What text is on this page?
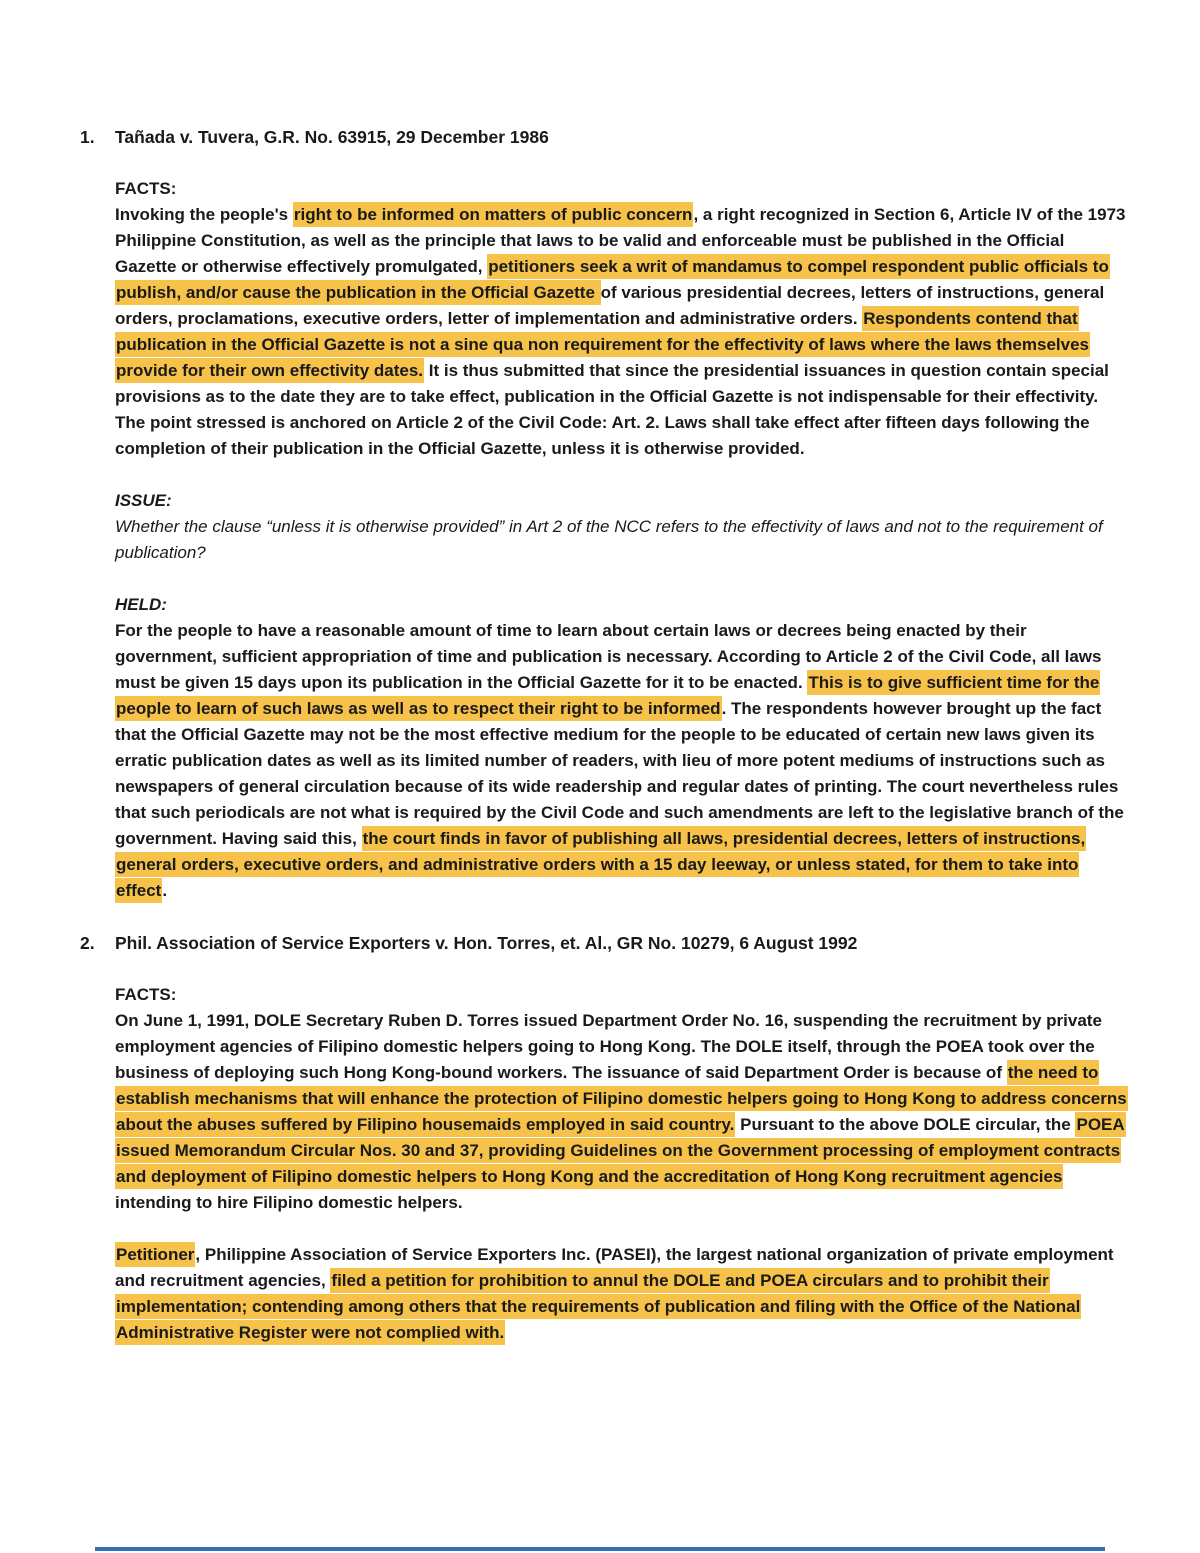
1.	Tañada v. Tuvera, G.R. No. 63915, 29 December 1986
FACTS:

Invoking the people's right to be informed on matters of public concern, a right recognized in Section 6, Article IV of the 1973 Philippine Constitution, as well as the principle that laws to be valid and enforceable must be published in the Official Gazette or otherwise effectively promulgated, petitioners seek a writ of mandamus to compel respondent public officials to publish, and/or cause the publication in the Official Gazette of various presidential decrees, letters of instructions, general orders, proclamations, executive orders, letter of implementation and administrative orders. Respondents contend that publication in the Official Gazette is not a sine qua non requirement for the effectivity of laws where the laws themselves provide for their own effectivity dates. It is thus submitted that since the presidential issuances in question contain special provisions as to the date they are to take effect, publication in the Official Gazette is not indispensable for their effectivity. The point stressed is anchored on Article 2 of the Civil Code: Art. 2. Laws shall take effect after fifteen days following the completion of their publication in the Official Gazette, unless it is otherwise provided.

ISSUE:

Whether the clause “unless it is otherwise provided” in Art 2 of the NCC refers to the effectivity of laws and not to the requirement of publication?

HELD:

For the people to have a reasonable amount of time to learn about certain laws or decrees being enacted by their government, sufficient appropriation of time and publication is necessary. According to Article 2 of the Civil Code, all laws must be given 15 days upon its publication in the Official Gazette for it to be enacted. This is to give sufficient time for the people to learn of such laws as well as to respect their right to be informed. The respondents however brought up the fact that the Official Gazette may not be the most effective medium for the people to be educated of certain new laws given its erratic publication dates as well as its limited number of readers, with lieu of more potent mediums of instructions such as newspapers of general circulation because of its wide readership and regular dates of printing. The court nevertheless rules that such periodicals are not what is required by the Civil Code and such amendments are left to the legislative branch of the government. Having said this, the court finds in favor of publishing all laws, presidential decrees, letters of instructions, general orders, executive orders, and administrative orders with a 15 day leeway, or unless stated, for them to take into effect.

2.	Phil. Association of Service Exporters v. Hon. Torres, et. Al., GR No. 10279, 6 August 1992
FACTS:

On June 1, 1991, DOLE Secretary Ruben D. Torres issued Department Order No. 16, suspending the recruitment by private employment agencies of Filipino domestic helpers going to Hong Kong. The DOLE itself, through the POEA took over the business of deploying such Hong Kong-bound workers. The issuance of said Department Order is because of the need to establish mechanisms that will enhance the protection of Filipino domestic helpers going to Hong Kong to address concerns about the abuses suffered by Filipino housemaids employed in said country. Pursuant to the above DOLE circular, the POEA issued Memorandum Circular Nos. 30 and 37, providing Guidelines on the Government processing of employment contracts and deployment of Filipino domestic helpers to Hong Kong and the accreditation of Hong Kong recruitment agencies intending to hire Filipino domestic helpers.

Petitioner, Philippine Association of Service Exporters Inc. (PASEI), the largest national organization of private employment and recruitment agencies, filed a petition for prohibition to annul the DOLE and POEA circulars and to prohibit their implementation; contending among others that the requirements of publication and filing with the Office of the National Administrative Register were not complied with.
